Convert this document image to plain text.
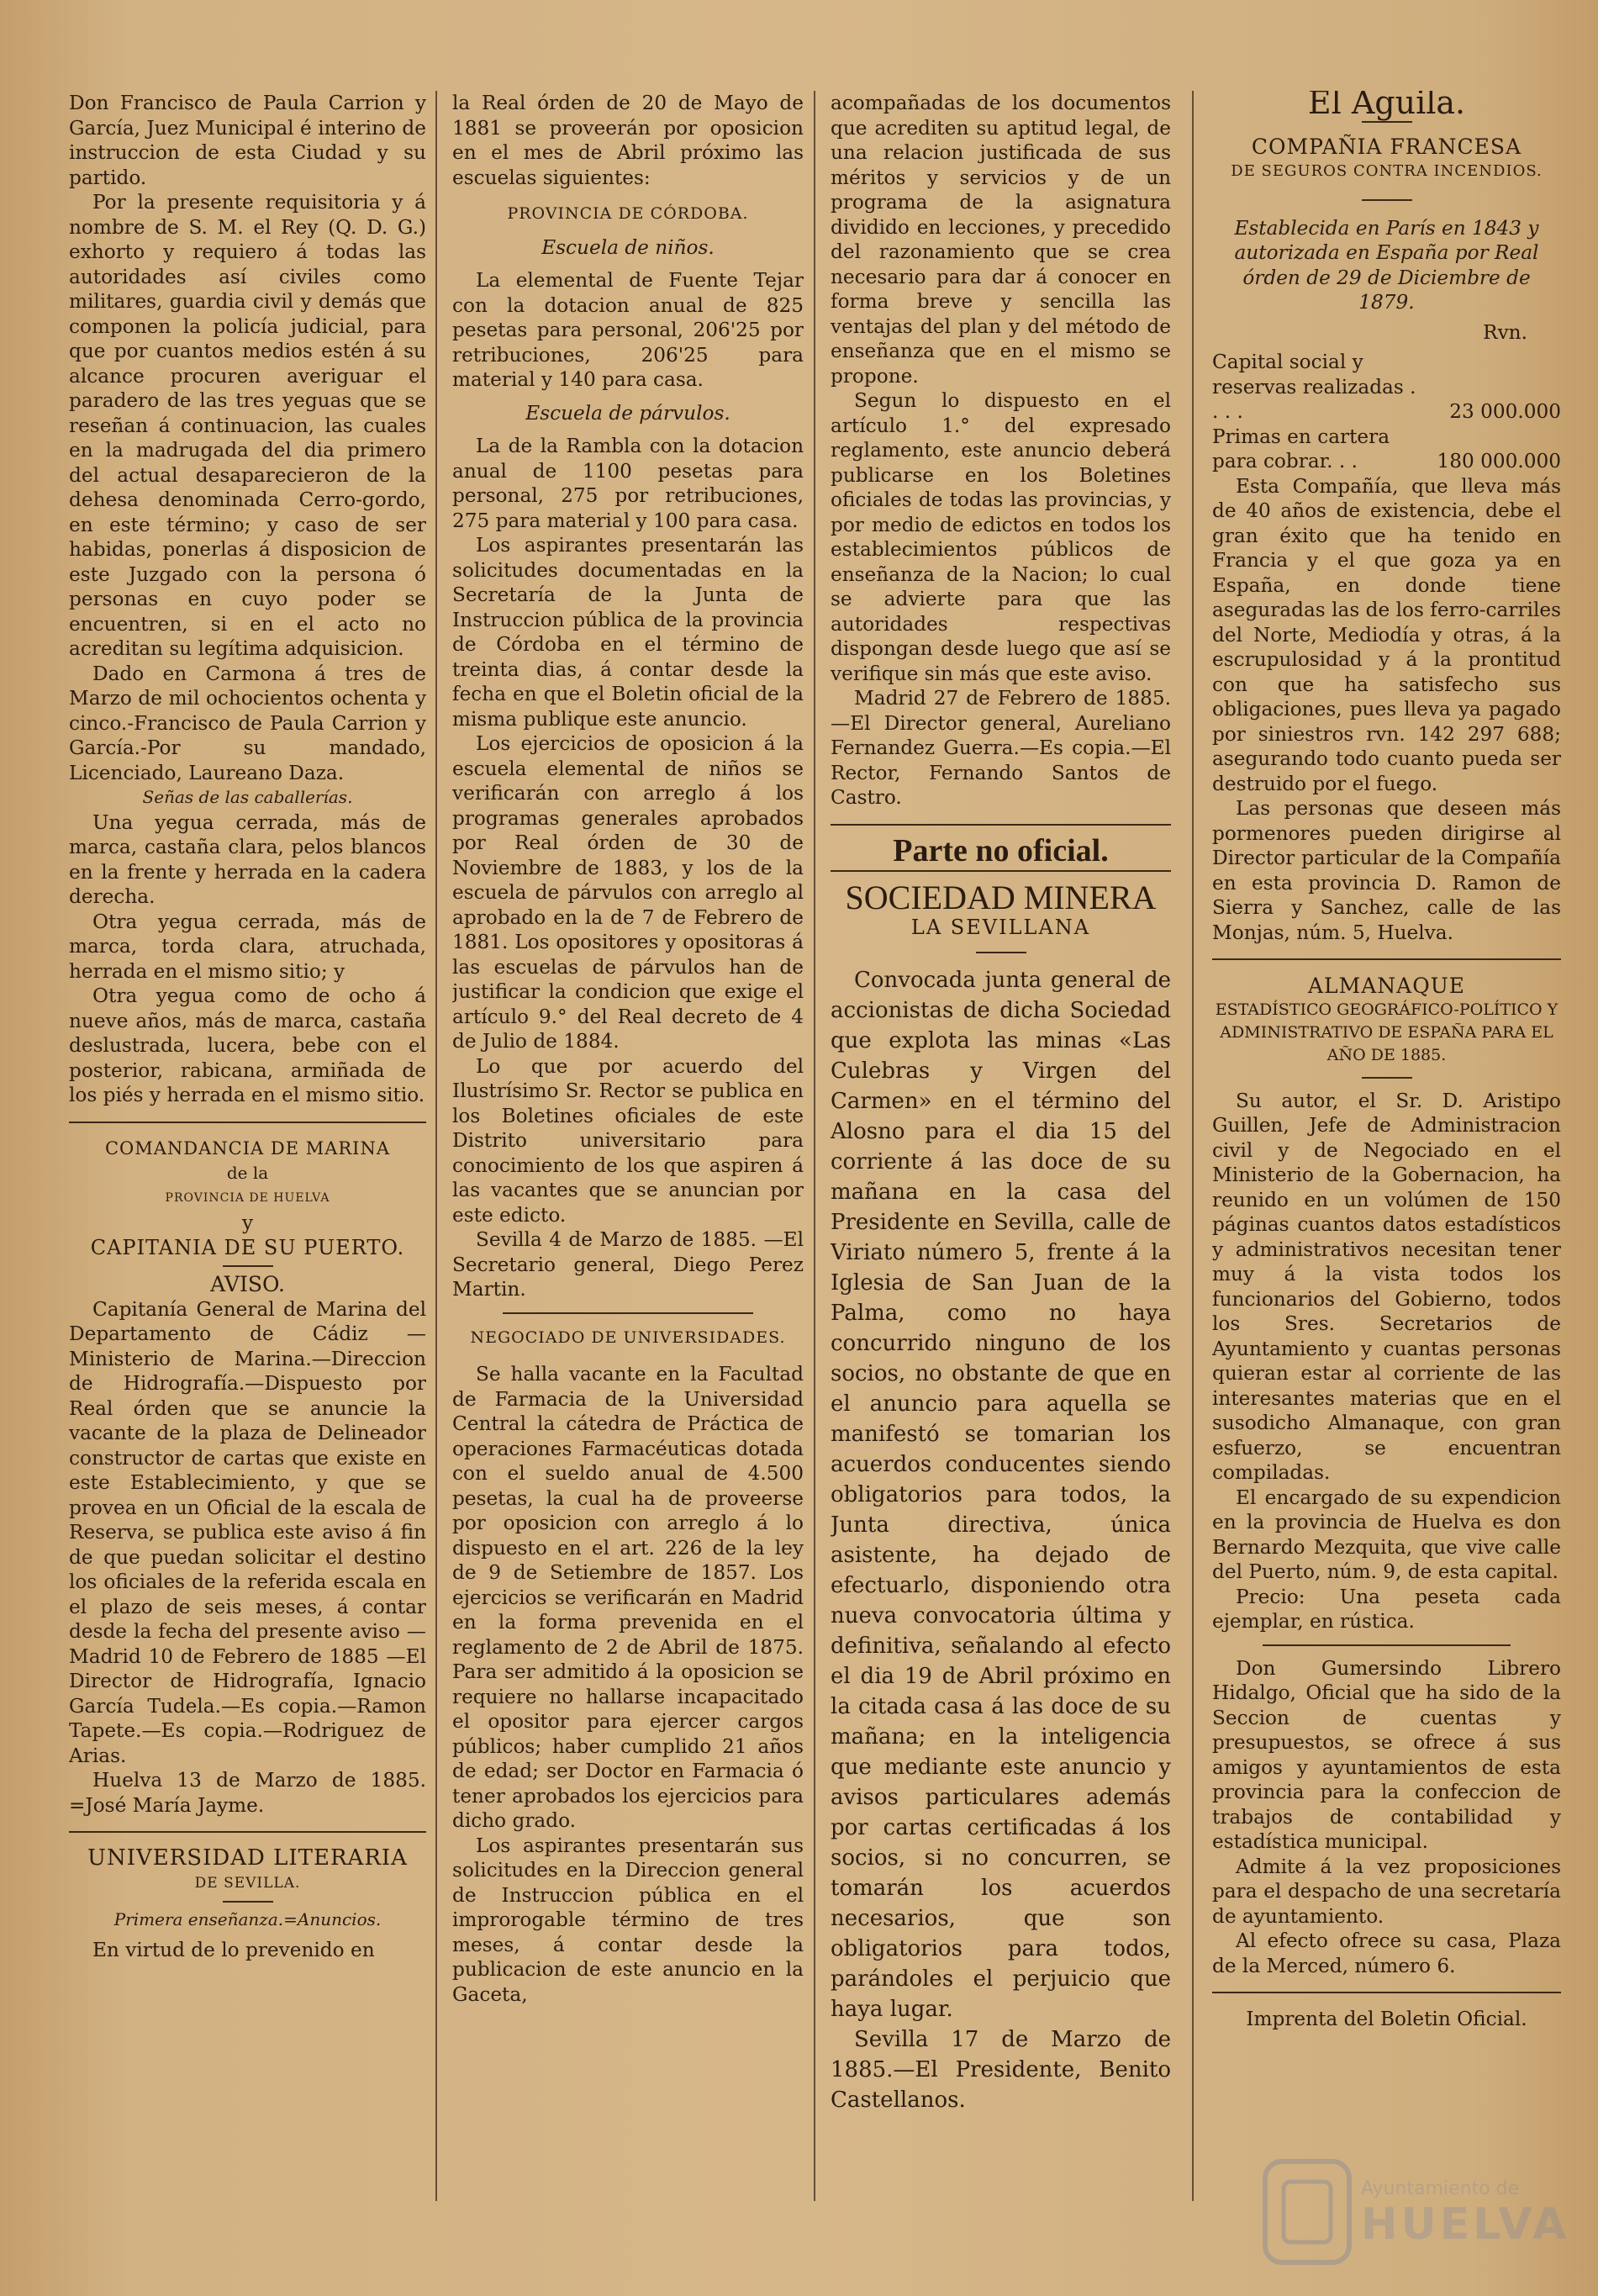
Don Francisco de Paula Carrion y García, Juez Municipal é interino de instruccion de esta Ciudad y su partido.

Por la presente requisitoria y á nombre de S. M. el Rey (Q. D. G.) exhorto y requiero á todas las autoridades así civiles como militares, guardia civil y demás que componen la policía judicial, para que por cuantos medios estén á su alcance procuren averiguar el paradero de las tres yeguas que se reseñan á continuacion, las cuales en la madrugada del dia primero del actual desaparecieron de la dehesa denominada Cerro-gordo, en este término; y caso de ser habidas, ponerlas á disposicion de este Juzgado con la persona ó personas en cuyo poder se encuentren, si en el acto no acreditan su legítima adquisicion.

Dado en Carmona á tres de Marzo de mil ochocientos ochenta y cinco.-Francisco de Paula Carrion y García.-Por su mandado, Licenciado, Laureano Daza.

Señas de las caballerías.

Una yegua cerrada, más de marca, castaña clara, pelos blancos en la frente y herrada en la cadera derecha.

Otra yegua cerrada, más de marca, torda clara, atruchada, herrada en el mismo sitio; y

Otra yegua como de ocho á nueve años, más de marca, castaña deslustrada, lucera, bebe con el posterior, rabicana, armiñada de los piés y herrada en el mismo sitio.

COMANDANCIA DE MARINA

de la

PROVINCIA DE HUELVA

y

CAPITANIA DE SU PUERTO.

AVISO.

Capitanía General de Marina del Departamento de Cádiz — Ministerio de Marina.—Direccion de Hidrografía.—Dispuesto por Real órden que se anuncie la vacante de la plaza de Delineador constructor de cartas que existe en este Establecimiento, y que se provea en un Oficial de la escala de Reserva, se publica este aviso á fin de que puedan solicitar el destino los oficiales de la referida escala en el plazo de seis meses, á contar desde la fecha del presente aviso —Madrid 10 de Febrero de 1885 —El Director de Hidrografía, Ignacio García Tudela.—Es copia.—Ramon Tapete.—Es copia.—Rodriguez de Arias.

Huelva 13 de Marzo de 1885. =José María Jayme.

UNIVERSIDAD LITERARIA

DE SEVILLA.

Primera enseñanza.=Anuncios.

En virtud de lo prevenido en

la Real órden de 20 de Mayo de 1881 se proveerán por oposicion en el mes de Abril próximo las escuelas siguientes:

PROVINCIA DE CÓRDOBA.

Escuela de niños.

La elemental de Fuente Tejar con la dotacion anual de 825 pesetas para personal, 206'25 por retribuciones, 206'25 para material y 140 para casa.

Escuela de párvulos.

La de la Rambla con la dotacion anual de 1100 pesetas para personal, 275 por retribuciones, 275 para material y 100 para casa.

Los aspirantes presentarán las solicitudes documentadas en la Secretaría de la Junta de Instruccion pública de la provincia de Córdoba en el término de treinta dias, á contar desde la fecha en que el Boletin oficial de la misma publique este anuncio.

Los ejercicios de oposicion á la escuela elemental de niños se verificarán con arreglo á los programas generales aprobados por Real órden de 30 de Noviembre de 1883, y los de la escuela de párvulos con arreglo al aprobado en la de 7 de Febrero de 1881. Los opositores y opositoras á las escuelas de párvulos han de justificar la condicion que exige el artículo 9.° del Real decreto de 4 de Julio de 1884.

Lo que por acuerdo del Ilustrísimo Sr. Rector se publica en los Boletines oficiales de este Distrito universitario para conocimiento de los que aspiren á las vacantes que se anuncian por este edicto.

Sevilla 4 de Marzo de 1885. —El Secretario general, Diego Perez Martin.

NEGOCIADO DE UNIVERSIDADES.

Se halla vacante en la Facultad de Farmacia de la Universidad Central la cátedra de Práctica de operaciones Farmacéuticas dotada con el sueldo anual de 4.500 pesetas, la cual ha de proveerse por oposicion con arreglo á lo dispuesto en el art. 226 de la ley de 9 de Setiembre de 1857. Los ejercicios se verificarán en Madrid en la forma prevenida en el reglamento de 2 de Abril de 1875. Para ser admitido á la oposicion se requiere no hallarse incapacitado el opositor para ejercer cargos públicos; haber cumplido 21 años de edad; ser Doctor en Farmacia ó tener aprobados los ejercicios para dicho grado.

Los aspirantes presentarán sus solicitudes en la Direccion general de Instruccion pública en el improrogable término de tres meses, á contar desde la publicacion de este anuncio en la Gaceta,

acompañadas de los documentos que acrediten su aptitud legal, de una relacion justificada de sus méritos y servicios y de un programa de la asignatura dividido en lecciones, y precedido del razonamiento que se crea necesario para dar á conocer en forma breve y sencilla las ventajas del plan y del método de enseñanza que en el mismo se propone.

Segun lo dispuesto en el artículo 1.° del expresado reglamento, este anuncio deberá publicarse en los Boletines oficiales de todas las provincias, y por medio de edictos en todos los establecimientos públicos de enseñanza de la Nacion; lo cual se advierte para que las autoridades respectivas dispongan desde luego que así se verifique sin más que este aviso.

Madrid 27 de Febrero de 1885. —El Director general, Aureliano Fernandez Guerra.—Es copia.—El Rector, Fernando Santos de Castro.

Parte no oficial.

SOCIEDAD MINERA

LA SEVILLANA

Convocada junta general de accionistas de dicha Sociedad que explota las minas «Las Culebras y Virgen del Carmen» en el término del Alosno para el dia 15 del corriente á las doce de su mañana en la casa del Presidente en Sevilla, calle de Viriato número 5, frente á la Iglesia de San Juan de la Palma, como no haya concurrido ninguno de los socios, no obstante de que en el anuncio para aquella se manifestó se tomarian los acuerdos conducentes siendo obligatorios para todos, la Junta directiva, única asistente, ha dejado de efectuarlo, disponiendo otra nueva convocatoria última y definitiva, señalando al efecto el dia 19 de Abril próximo en la citada casa á las doce de su mañana; en la inteligencia que mediante este anuncio y avisos particulares además por cartas certificadas á los socios, si no concurren, se tomarán los acuerdos necesarios, que son obligatorios para todos, parándoles el perjuicio que haya lugar.

Sevilla 17 de Marzo de 1885.—El Presidente, Benito Castellanos.

El Aguila.

COMPAÑIA FRANCESA

DE SEGUROS CONTRA INCENDIOS.

Establecida en París en 1843 y autorizada en España por Real órden de 29 de Diciembre de 1879.

Rvn.

Capital social y reservas realizadas . . . .	23 000.000
Primas en cartera para cobrar. . .	180 000.000

Esta Compañía, que lleva más de 40 años de existencia, debe el gran éxito que ha tenido en Francia y el que goza ya en España, en donde tiene aseguradas las de los ferro-carriles del Norte, Mediodía y otras, á la escrupulosidad y á la prontitud con que ha satisfecho sus obligaciones, pues lleva ya pagado por siniestros rvn. 142 297 688; asegurando todo cuanto pueda ser destruido por el fuego.

Las personas que deseen más pormenores pueden dirigirse al Director particular de la Compañía en esta provincia D. Ramon de Sierra y Sanchez, calle de las Monjas, núm. 5, Huelva.

ALMANAQUE

ESTADÍSTICO GEOGRÁFICO-POLÍTICO Y ADMINISTRATIVO DE ESPAÑA PARA EL AÑO DE 1885.

Su autor, el Sr. D. Aristipo Guillen, Jefe de Administracion civil y de Negociado en el Ministerio de la Gobernacion, ha reunido en un volúmen de 150 páginas cuantos datos estadísticos y administrativos necesitan tener muy á la vista todos los funcionarios del Gobierno, todos los Sres. Secretarios de Ayuntamiento y cuantas personas quieran estar al corriente de las interesantes materias que en el susodicho Almanaque, con gran esfuerzo, se encuentran compiladas.

El encargado de su expendicion en la provincia de Huelva es don Bernardo Mezquita, que vive calle del Puerto, núm. 9, de esta capital.

Precio: Una peseta cada ejemplar, en rústica.

Don Gumersindo Librero Hidalgo, Oficial que ha sido de la Seccion de cuentas y presupuestos, se ofrece á sus amigos y ayuntamientos de esta provincia para la confeccion de trabajos de contabilidad y estadística municipal.

Admite á la vez proposiciones para el despacho de una secretaría de ayuntamiento.

Al efecto ofrece su casa, Plaza de la Merced, número 6.

Imprenta del Boletin Oficial.

Ayuntamiento de
HUELVA
